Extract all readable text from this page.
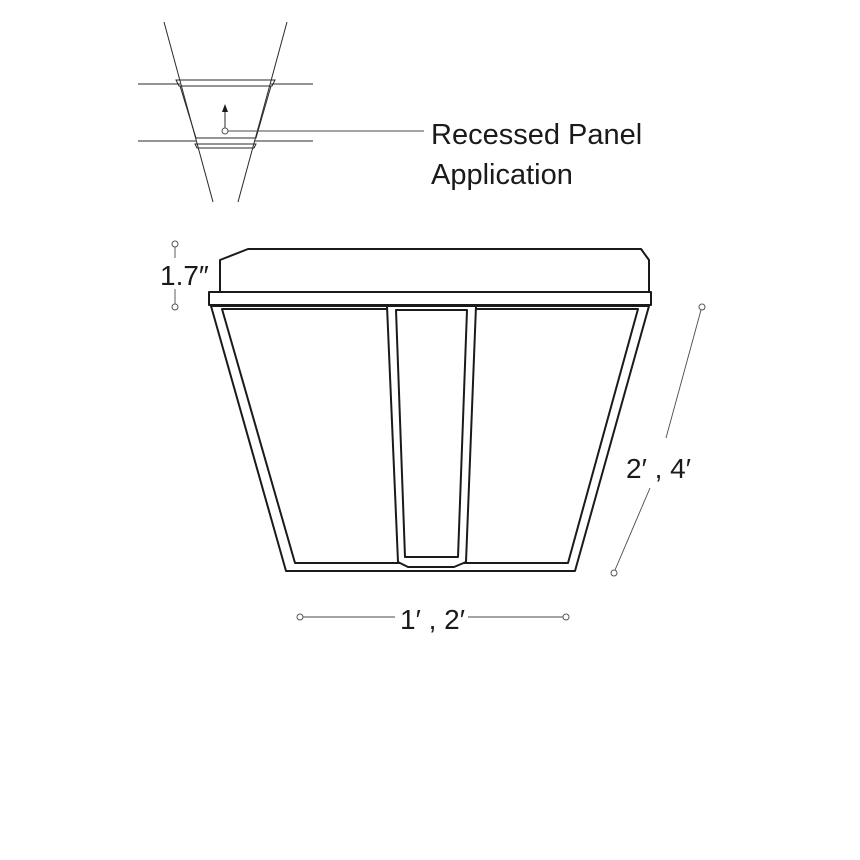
Recessed Panel
Application
1.7″
2′ , 4′
1′ , 2′
